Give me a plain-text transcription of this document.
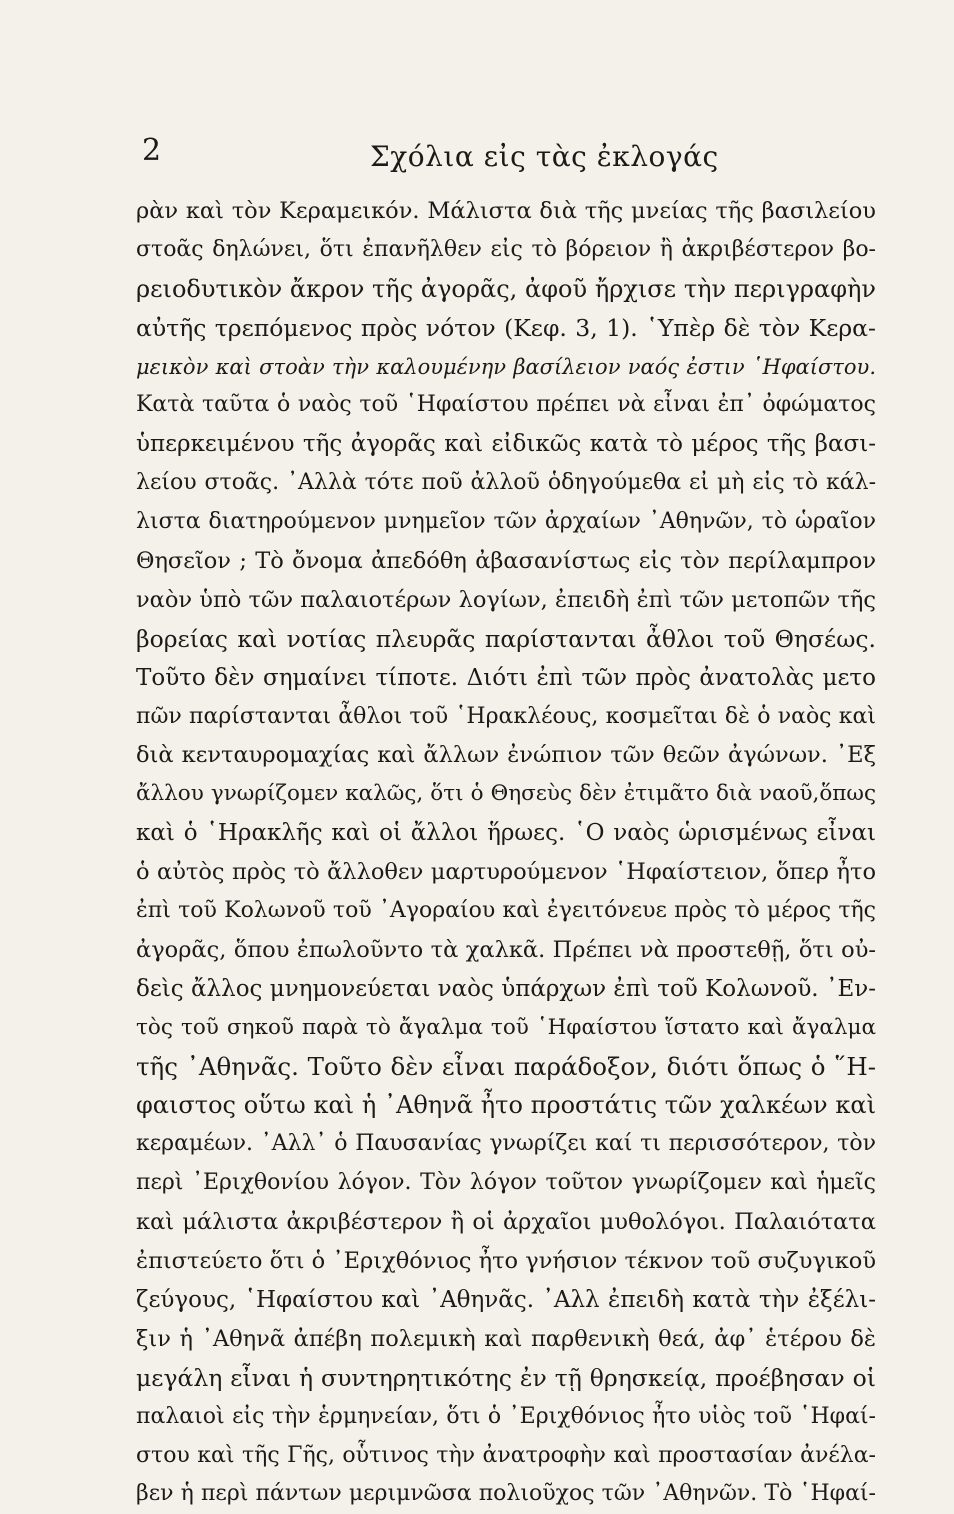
2	Σχόλια εἰς τὰς ἐκλογάς
ρὰν καὶ τὸν Κεραμεικόν. Μάλιστα διὰ τῆς μνείας τῆς βασιλείου
στοᾶς δηλώνει, ὅτι ἐπανῆλθεν εἰς τὸ βόρειον ἢ ἀκριβέστερον βο-
ρειοδυτικὸν ἄκρον τῆς ἀγορᾶς, ἀφοῦ ἤρχισε τὴν περιγραφὴν
αὐτῆς τρεπόμενος πρὸς νότον (Κεφ. 3, 1). ῾Υπὲρ δὲ τὸν Κερα-
μεικὸν καὶ στοὰν τὴν καλουμένην βασίλειον ναός ἐστιν ῾Ηφαίστου.
Κατὰ ταῦτα ὁ ναὸς τοῦ ῾Ηφαίστου πρέπει νὰ εἶναι ἐπ᾿ ὀφώματος
ὑπερκειμένου τῆς ἀγορᾶς καὶ εἰδικῶς κατὰ τὸ μέρος τῆς βασι-
λείου στοᾶς. ᾿Αλλὰ τότε ποῦ ἀλλοῦ ὁδηγούμεθα εἰ μὴ εἰς τὸ κάλ-
λιστα διατηρούμενον μνημεῖον τῶν ἀρχαίων ᾿Αθηνῶν, τὸ ὡραῖον
Θησεῖον ; Τὸ ὄνομα ἀπεδόθη ἀβασανίστως εἰς τὸν περίλαμπρον
ναὸν ὑπὸ τῶν παλαιοτέρων λογίων, ἐπειδὴ ἐπὶ τῶν μετοπῶν τῆς
βορείας καὶ νοτίας πλευρᾶς παρίστανται ἆθλοι τοῦ Θησέως.
Τοῦτο δὲν σημαίνει τίποτε. Διότι ἐπὶ τῶν πρὸς ἀνατολὰς μετο
πῶν παρίστανται ἆθλοι τοῦ ῾Ηρακλέους, κοσμεῖται δὲ ὁ ναὸς καὶ
διὰ κενταυρομαχίας καὶ ἄλλων ἐνώπιον τῶν θεῶν ἀγώνων. ᾿Εξ
ἄλλου γνωρίζομεν καλῶς, ὅτι ὁ Θησεὺς δὲν ἐτιμᾶτο διὰ ναοῦ,ὅπως
καὶ ὁ ῾Ηρακλῆς καὶ οἱ ἄλλοι ἥρωες. ῾Ο ναὸς ὡρισμένως εἶναι
ὁ αὐτὸς πρὸς τὸ ἄλλοθεν μαρτυρούμενον ῾Ηφαίστειον, ὅπερ ἦτο
ἐπὶ τοῦ Κολωνοῦ τοῦ ᾿Αγοραίου καὶ ἐγειτόνευε πρὸς τὸ μέρος τῆς
ἀγορᾶς, ὅπου ἐπωλοῦντο τὰ χαλκᾶ. Πρέπει νὰ προστεθῇ, ὅτι οὐ-
δεὶς ἄλλος μνημονεύεται ναὸς ὑπάρχων ἐπὶ τοῦ Κολωνοῦ. ᾿Εν-
τὸς τοῦ σηκοῦ παρὰ τὸ ἄγαλμα τοῦ ῾Ηφαίστου ἵστατο καὶ ἄγαλμα
τῆς ᾿Αθηνᾶς. Τοῦτο δὲν εἶναι παράδοξον, διότι ὅπως ὁ ῞Η-
φαιστος οὕτω καὶ ἡ ᾿Αθηνᾶ ἦτο προστάτις τῶν χαλκέων καὶ
κεραμέων. ᾿Αλλ᾿ ὁ Παυσανίας γνωρίζει καί τι περισσότερον, τὸν
περὶ ᾿Εριχθονίου λόγον. Τὸν λόγον τοῦτον γνωρίζομεν καὶ ἡμεῖς
καὶ μάλιστα ἀκριβέστερον ἢ οἱ ἀρχαῖοι μυθολόγοι. Παλαιότατα
ἐπιστεύετο ὅτι ὁ ᾿Εριχθόνιος ἦτο γνήσιον τέκνον τοῦ συζυγικοῦ
ζεύγους, ῾Ηφαίστου καὶ ᾿Αθηνᾶς. ᾿Αλλ ἐπειδὴ κατὰ τὴν ἐξέλι-
ξιν ἡ ᾿Αθηνᾶ ἀπέβη πολεμικὴ καὶ παρθενικὴ θεά, ἀφ᾿ ἑτέρου δὲ
μεγάλη εἶναι ἡ συντηρητικότης ἐν τῇ θρησκείᾳ, προέβησαν οἱ
παλαιοὶ εἰς τὴν ἑρμηνείαν, ὅτι ὁ ᾿Εριχθόνιος ἦτο υἱὸς τοῦ ῾Ηφαί-
στου καὶ τῆς Γῆς, οὗτινος τὴν ἀνατροφὴν καὶ προστασίαν ἀνέλα-
βεν ἡ περὶ πάντων μεριμνῶσα πολιοῦχος τῶν ᾿Αθηνῶν. Τὸ ῾Ηφαί-
